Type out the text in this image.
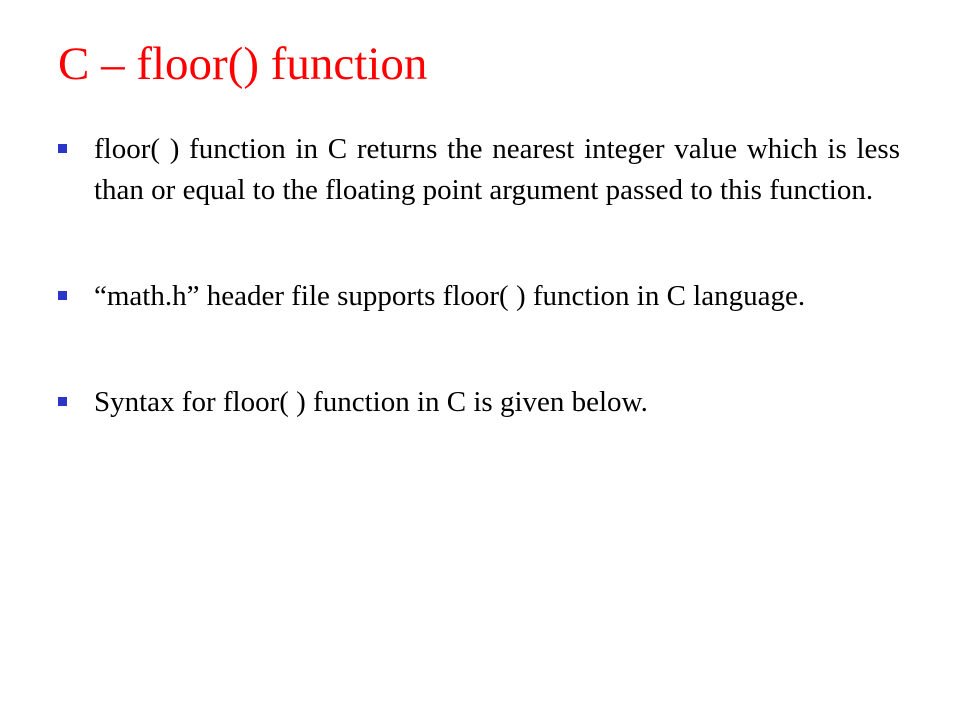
C – floor() function
floor( ) function in C returns the nearest integer value which is less than or equal to the floating point argument passed to this function.
“math.h” header file supports floor( ) function in C language.
Syntax for floor( ) function in C is given below.
